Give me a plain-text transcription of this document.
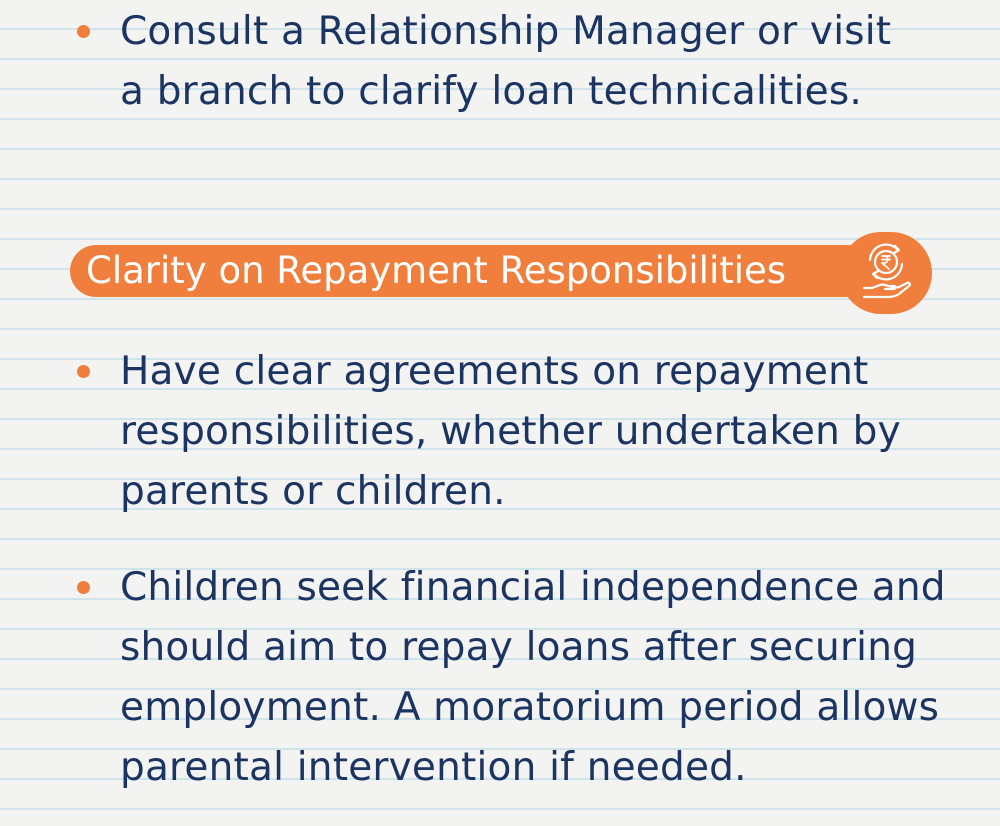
Consult a Relationship Manager or visit
a branch to clarify loan technicalities.
Clarity on Repayment Responsibilities
Have clear agreements on repayment
responsibilities, whether undertaken by
parents or children.
Children seek financial independence and
should aim to repay loans after securing
employment. A moratorium period allows
parental intervention if needed.
